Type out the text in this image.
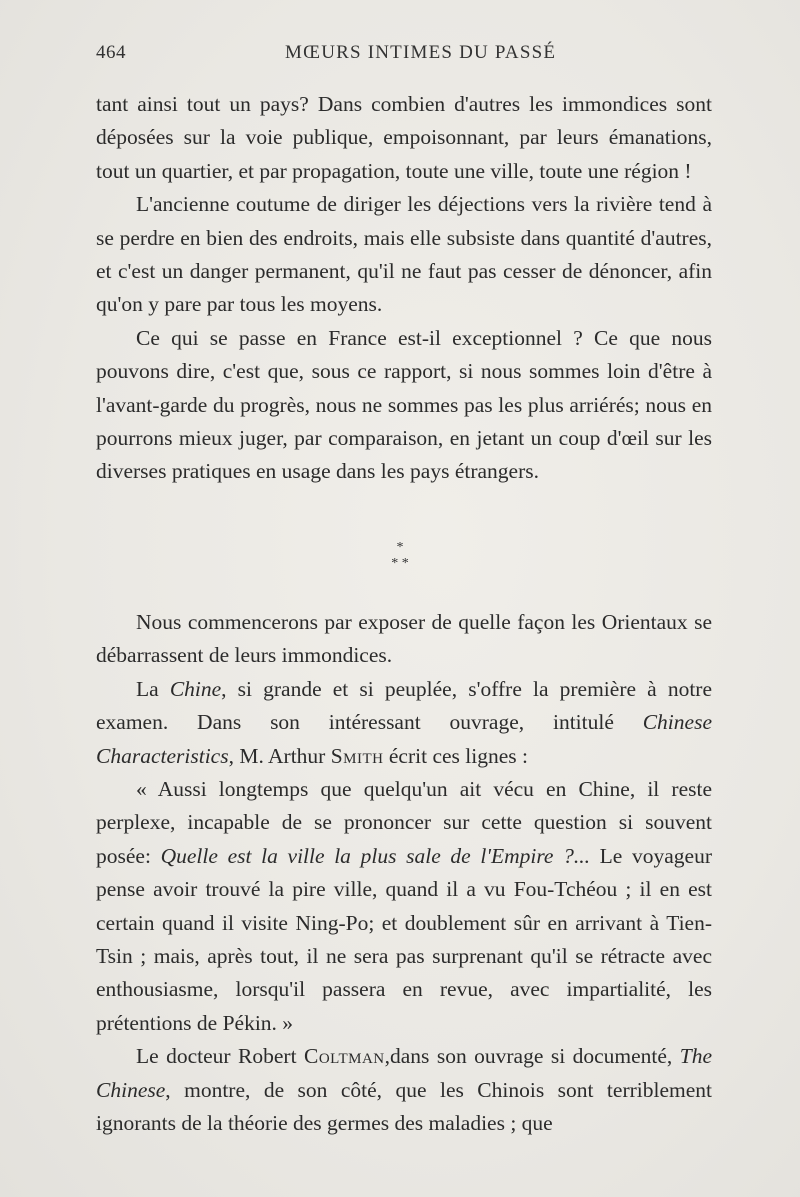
464	MŒURS INTIMES DU PASSÉ

tant ainsi tout un pays? Dans combien d'autres les immondices sont déposées sur la voie publique, empoisonnant, par leurs émanations, tout un quartier, et par propagation, toute une ville, toute une région !

L'ancienne coutume de diriger les déjections vers la rivière tend à se perdre en bien des endroits, mais elle subsiste dans quantité d'autres, et c'est un danger permanent, qu'il ne faut pas cesser de dénoncer, afin qu'on y pare par tous les moyens.

Ce qui se passe en France est-il exceptionnel ? Ce que nous pouvons dire, c'est que, sous ce rapport, si nous sommes loin d'être à l'avant-garde du progrès, nous ne sommes pas les plus arriérés; nous en pourrons mieux juger, par comparaison, en jetant un coup d'œil sur les diverses pratiques en usage dans les pays étrangers.

*
* *

Nous commencerons par exposer de quelle façon les Orientaux se débarrassent de leurs immondices.

La Chine, si grande et si peuplée, s'offre la première à notre examen. Dans son intéressant ouvrage, intitulé Chinese Characteristics, M. Arthur Smith écrit ces lignes :

« Aussi longtemps que quelqu'un ait vécu en Chine, il reste perplexe, incapable de se prononcer sur cette question si souvent posée: Quelle est la ville la plus sale de l'Empire ?... Le voyageur pense avoir trouvé la pire ville, quand il a vu Fou-Tchéou ; il en est certain quand il visite Ning-Po; et doublement sûr en arrivant à Tien-Tsin ; mais, après tout, il ne sera pas surprenant qu'il se rétracte avec enthousiasme, lorsqu'il passera en revue, avec impartialité, les prétentions de Pékin. »

Le docteur Robert Coltman,dans son ouvrage si documenté, The Chinese, montre, de son côté, que les Chinois sont terriblement ignorants de la théorie des germes des maladies ; que
